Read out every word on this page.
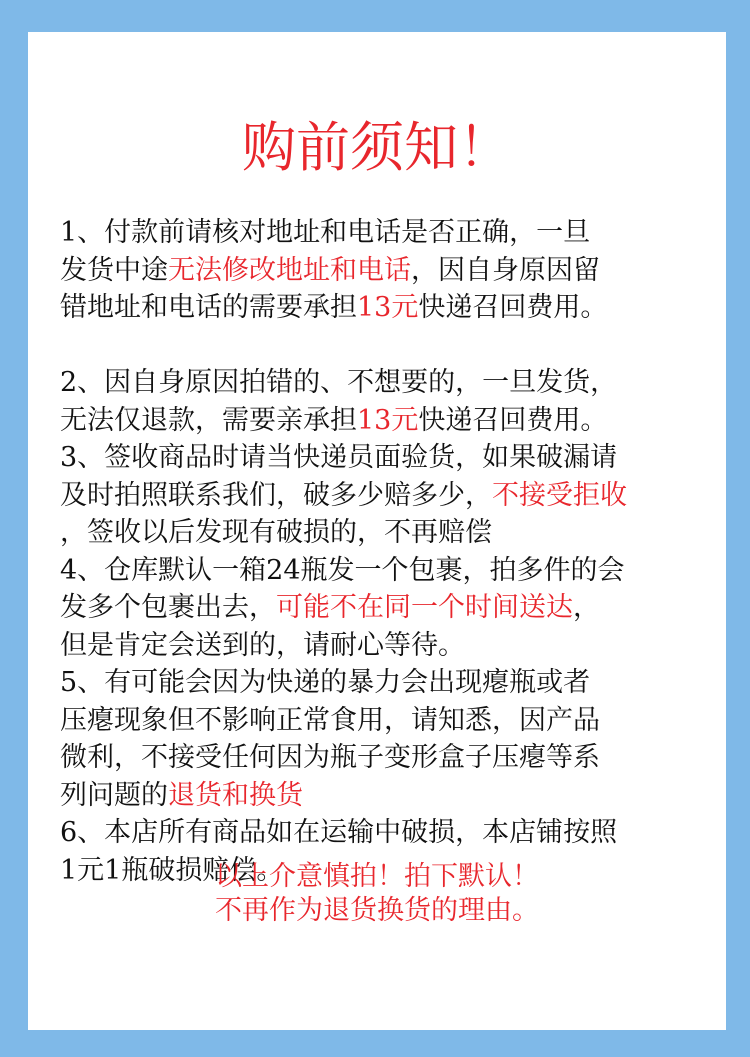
购前须知！
1、付款前请核对地址和电话是否正确，一旦
发货中途无法修改地址和电话，因自身原因留
错地址和电话的需要承担13元快递召回费用。
2、因自身原因拍错的、不想要的，一旦发货，
无法仅退款，需要亲承担13元快递召回费用。
3、签收商品时请当快递员面验货，如果破漏请
及时拍照联系我们，破多少赔多少，不接受拒收
，签收以后发现有破损的，不再赔偿
4、仓库默认一箱24瓶发一个包裹，拍多件的会
发多个包裹出去，可能不在同一个时间送达，
但是肯定会送到的，请耐心等待。
5、有可能会因为快递的暴力会出现瘪瓶或者
压瘪现象但不影响正常食用，请知悉，因产品
微利，不接受任何因为瓶子变形盒子压瘪等系
列问题的退货和换货
6、本店所有商品如在运输中破损，本店铺按照
1元1瓶破损赔偿。
以上介意慎拍！拍下默认！
不再作为退货换货的理由。
